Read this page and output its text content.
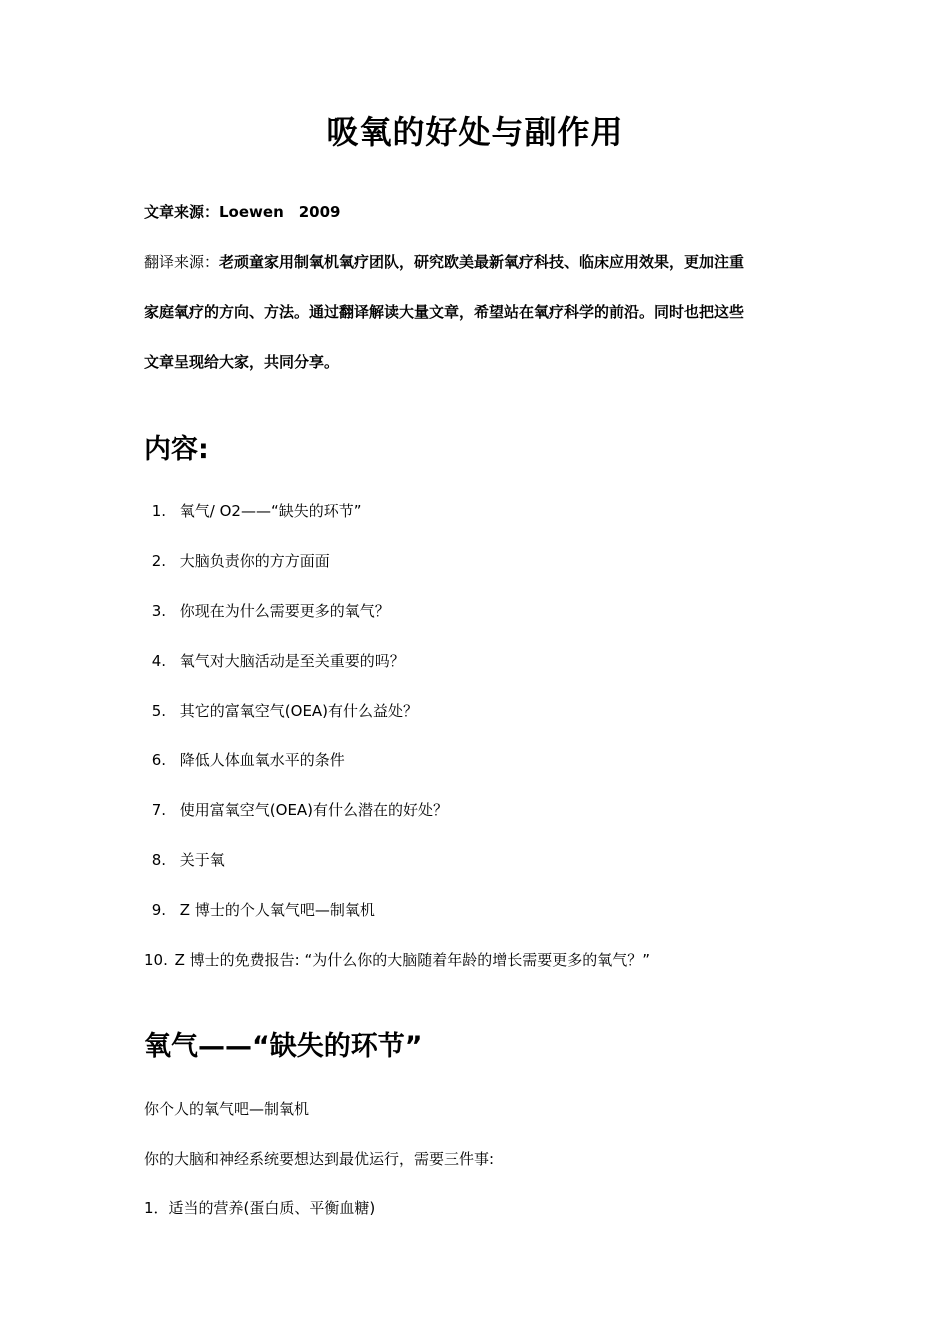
吸氧的好处与副作用
文章来源：Loewen　2009
翻译来源：老顽童家用制氧机氧疗团队，研究欧美最新氧疗科技、临床应用效果，更加注重
家庭氧疗的方向、方法。通过翻译解读大量文章，希望站在氧疗科学的前沿。同时也把这些
文章呈现给大家，共同分享。
内容:
1. 氧气/ O2——“缺失的环节”
2. 大脑负责你的方方面面
3. 你现在为什么需要更多的氧气？
4. 氧气对大脑活动是至关重要的吗？
5. 其它的富氧空气(OEA)有什么益处？
6. 降低人体血氧水平的条件
7. 使用富氧空气(OEA)有什么潜在的好处？
8. 关于氧
9. Z 博士的个人氧气吧—制氧机
10. Z 博士的免费报告: “为什么你的大脑随着年龄的增长需要更多的氧气？”
氧气——“缺失的环节”
你个人的氧气吧—制氧机
你的大脑和神经系统要想达到最优运行，需要三件事:
1．适当的营养(蛋白质、平衡血糖)
